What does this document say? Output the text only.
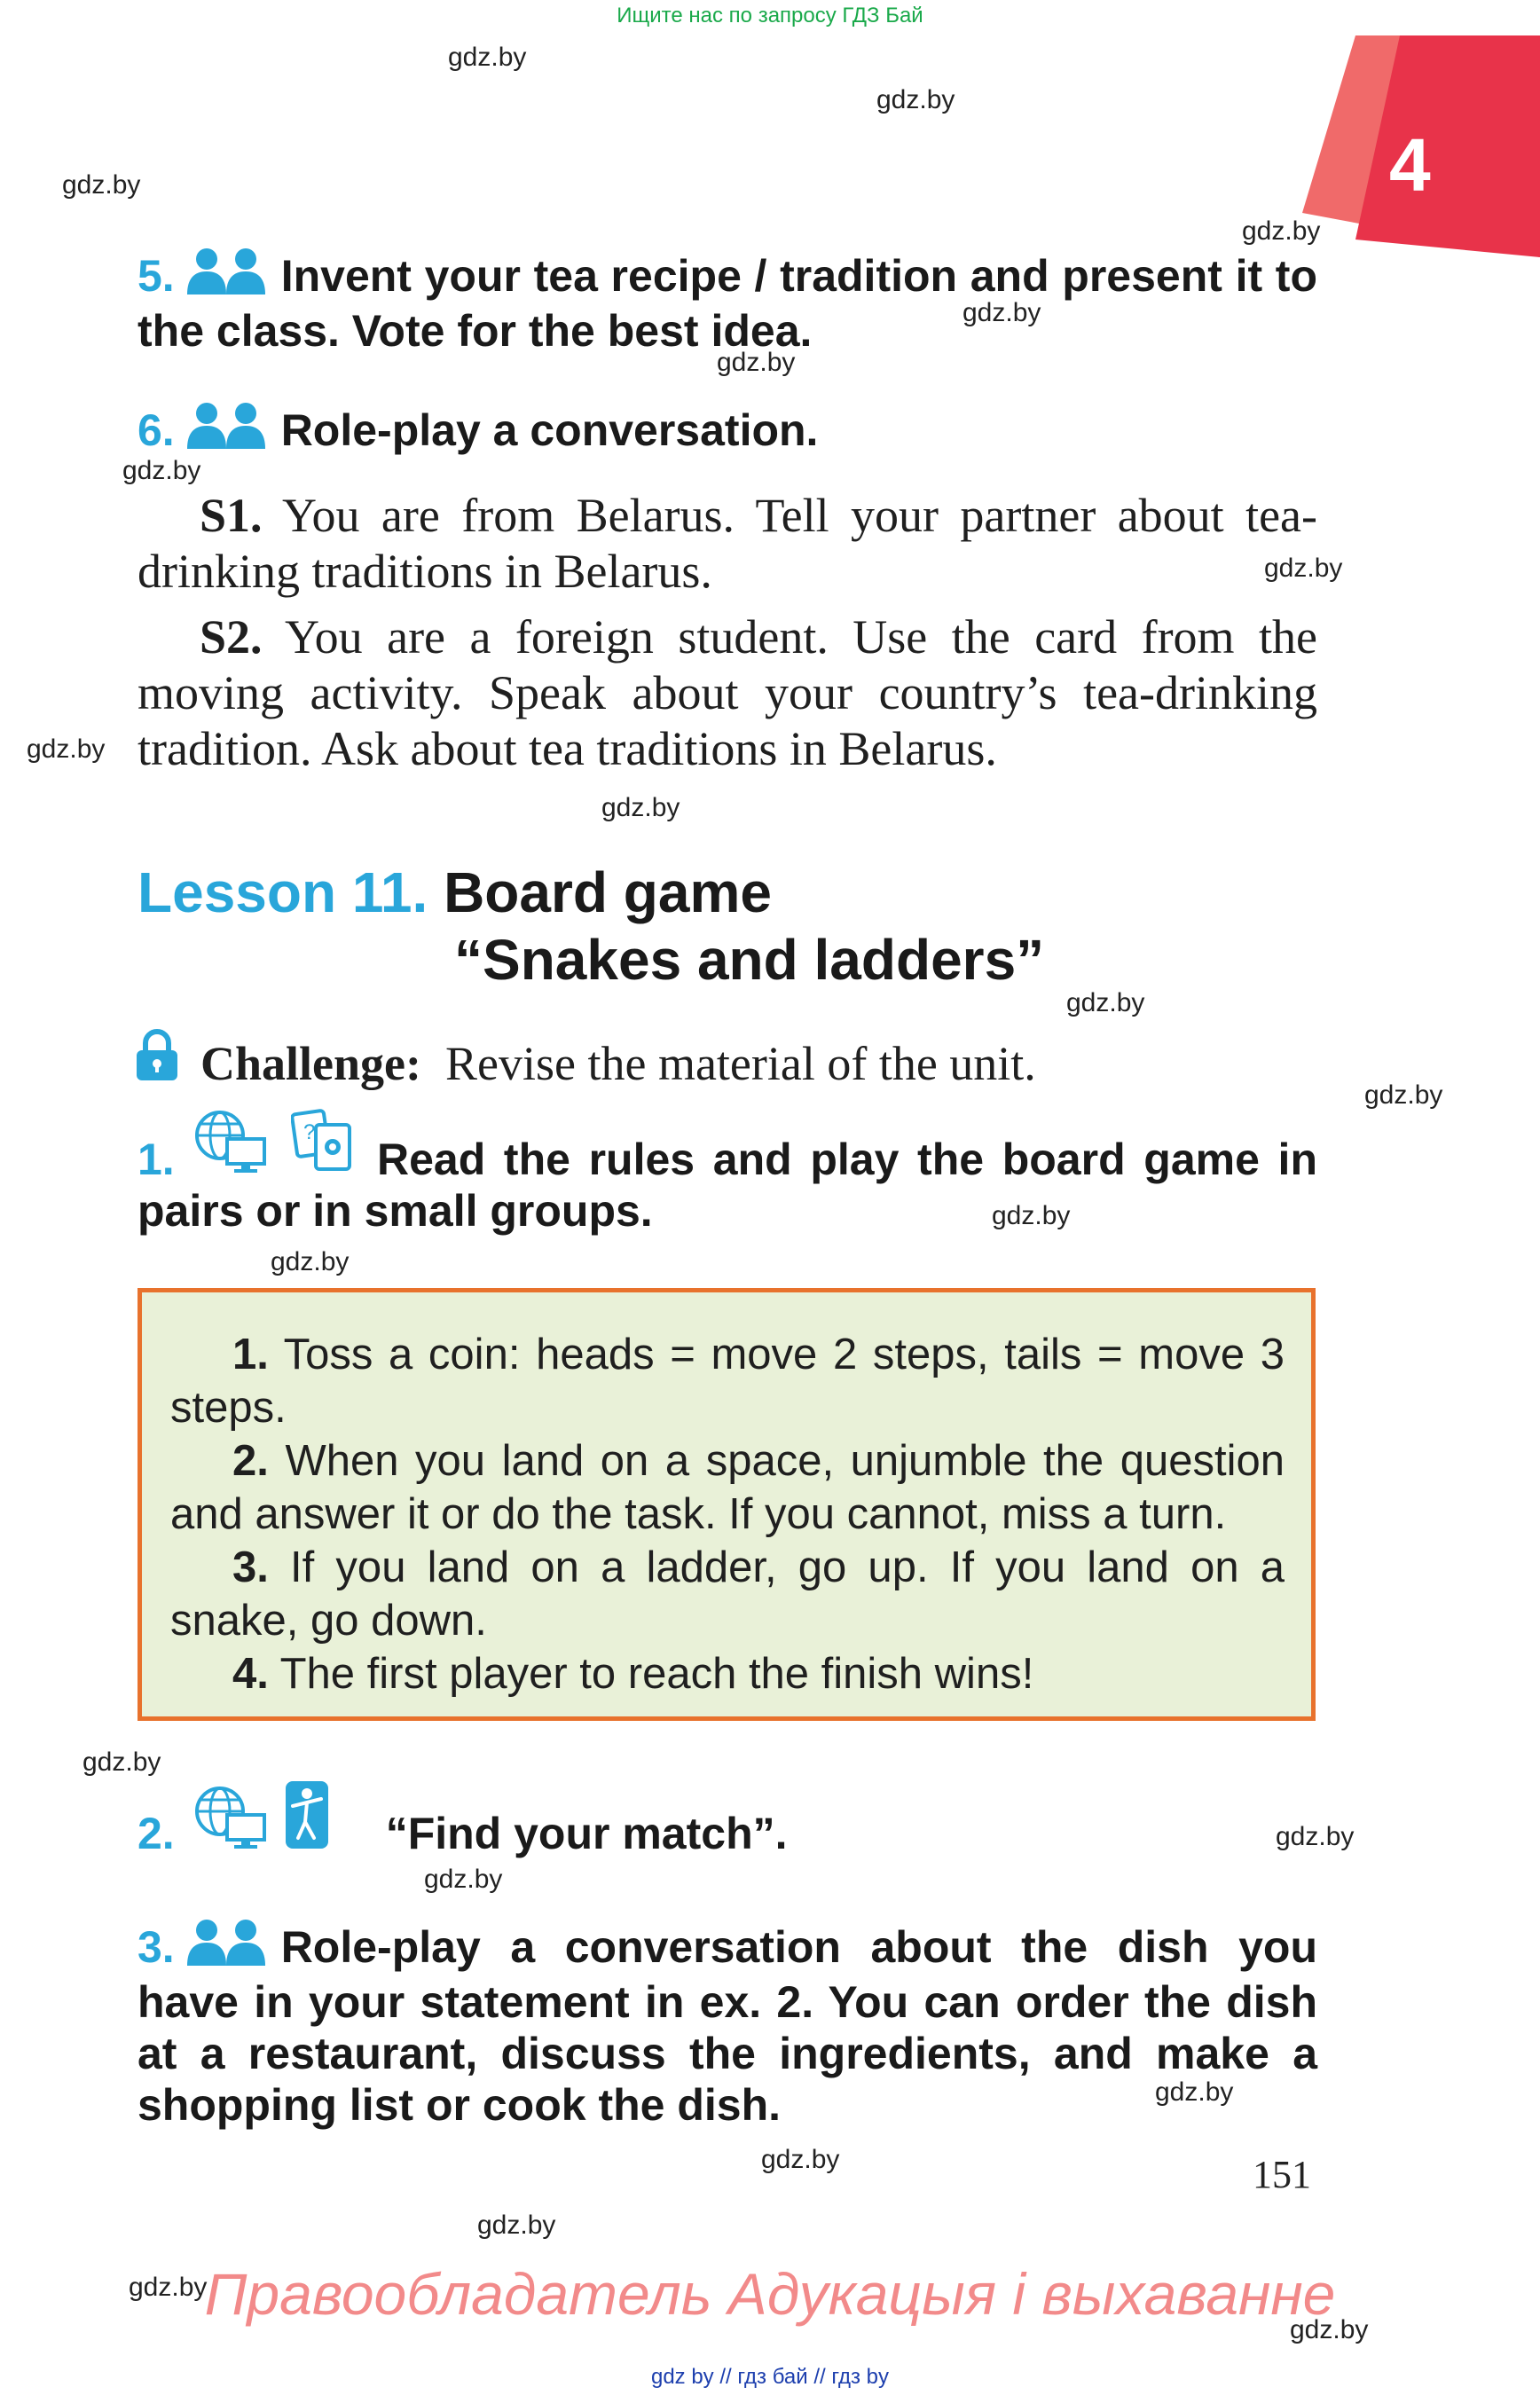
Ищите нас по запросу ГДЗ Бай
4
gdz.by
gdz.by
gdz.by
gdz.by
gdz.by
gdz.by
gdz.by
gdz.by
gdz.by
gdz.by
gdz.by
gdz.by
gdz.by
gdz.by
gdz.by
gdz.by
gdz.by
gdz.by
gdz.by
gdz.by
gdz.by
gdz.by
5. Invent your tea recipe / tradition and present it to the class. Vote for the best idea.
6. Role-play a conversation.
S1. You are from Belarus. Tell your partner about tea-drinking traditions in Belarus.
S2. You are a foreign student. Use the card from the moving activity. Speak about your country’s tea-drinking tradition. Ask about tea traditions in Belarus.
Lesson 11. Board game
“Snakes and ladders”
Challenge: Revise the material of the unit.
?
1.	Read the rules and play the board game in pairs or in small groups.

1. Toss a coin: heads = move 2 steps, tails = move 3 steps.

2. When you land on a space, unjumble the question and answer it or do the task. If you cannot, miss a turn.

3. If you land on a ladder, go up. If you land on a snake, go down.

4. The first player to reach the finish wins!

2.	“Find your match”.
3. Role-play a conversation about the dish you have in your statement in ex. 2. You can order the dish at a restaurant, discuss the ingredients, and make a shopping list or cook the dish.
151
Правообладатель Адукацыя і выхаванне
gdz by // гдз бай // гдз by
